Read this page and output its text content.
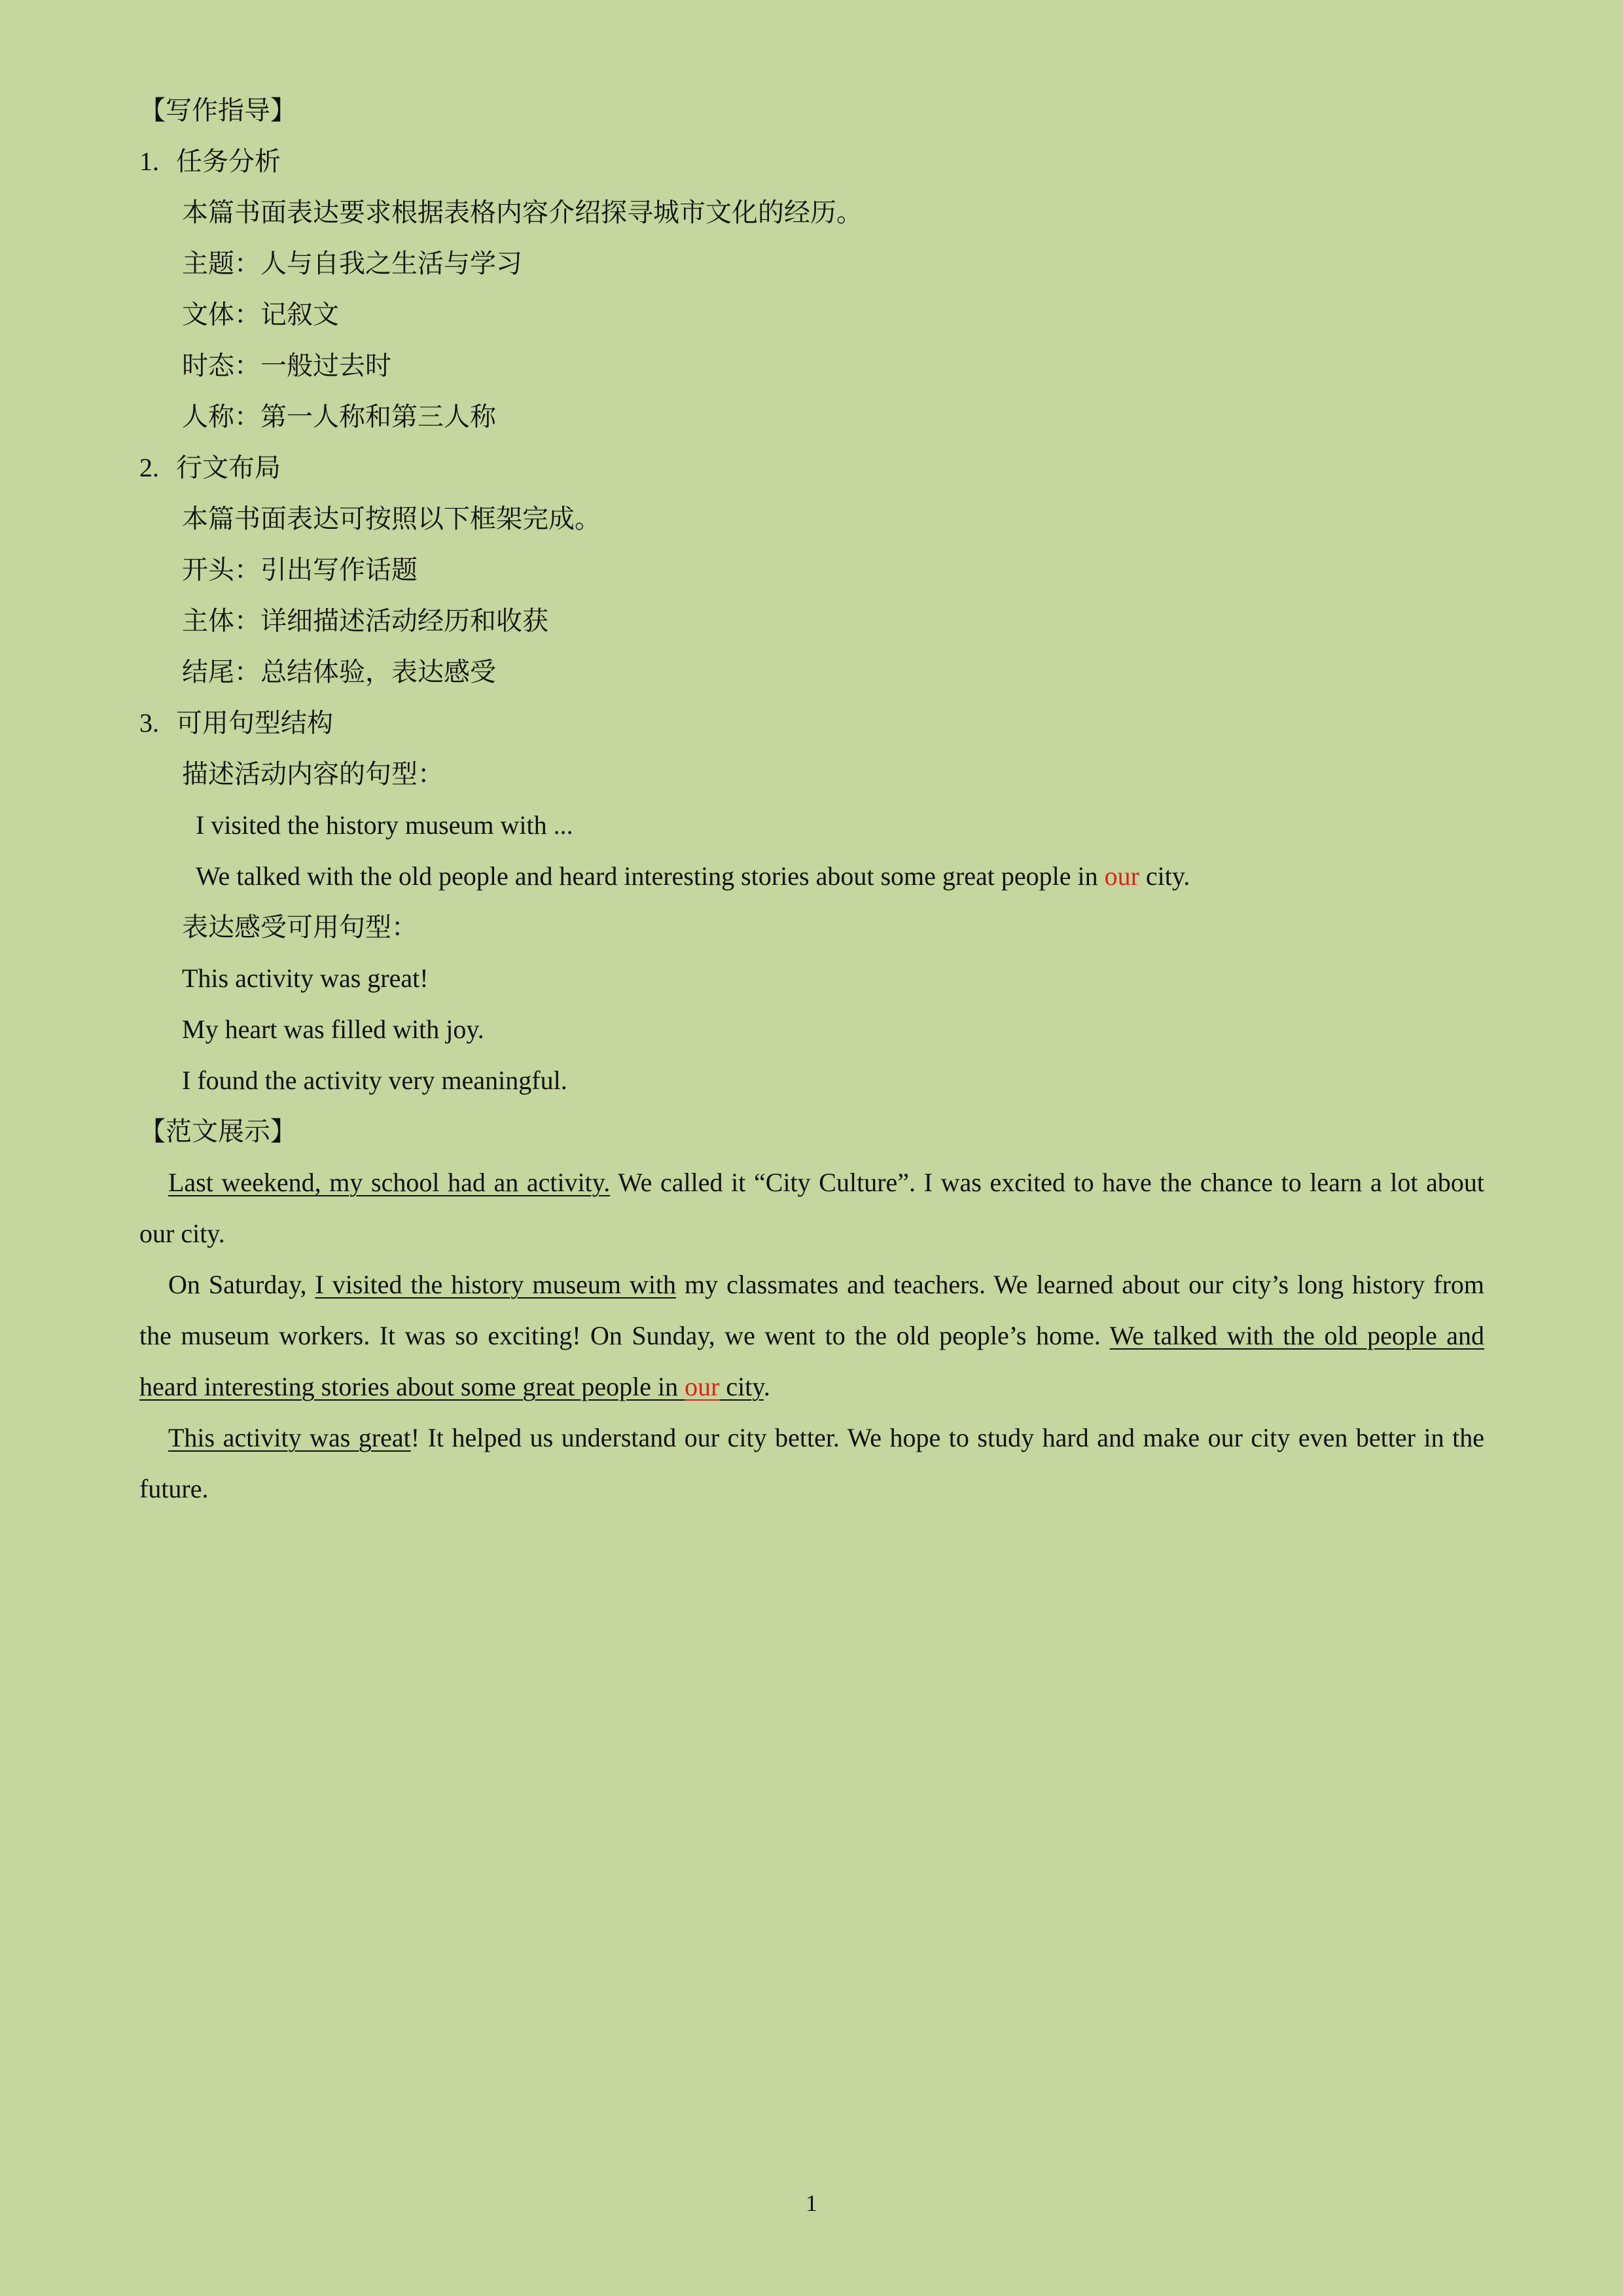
【写作指导】
1. 任务分析
本篇书面表达要求根据表格内容介绍探寻城市文化的经历。
主题：人与自我之生活与学习
文体：记叙文
时态：一般过去时
人称：第一人称和第三人称
2. 行文布局
本篇书面表达可按照以下框架完成。
开头：引出写作话题
主体：详细描述活动经历和收获
结尾：总结体验，表达感受
3. 可用句型结构
描述活动内容的句型：
I visited the history museum with ...
We talked with the old people and heard interesting stories about some great people in our city.
表达感受可用句型：
This activity was great!
My heart was filled with joy.
I found the activity very meaningful.
【范文展示】
Last weekend, my school had an activity. We called it “City Culture”. I was excited to have the chance to learn a lot about our city.
On Saturday, I visited the history museum with my classmates and teachers. We learned about our city’s long history from the museum workers. It was so exciting! On Sunday, we went to the old people’s home. We talked with the old people and heard interesting stories about some great people in our city.
This activity was great! It helped us understand our city better. We hope to study hard and make our city even better in the future.
1
